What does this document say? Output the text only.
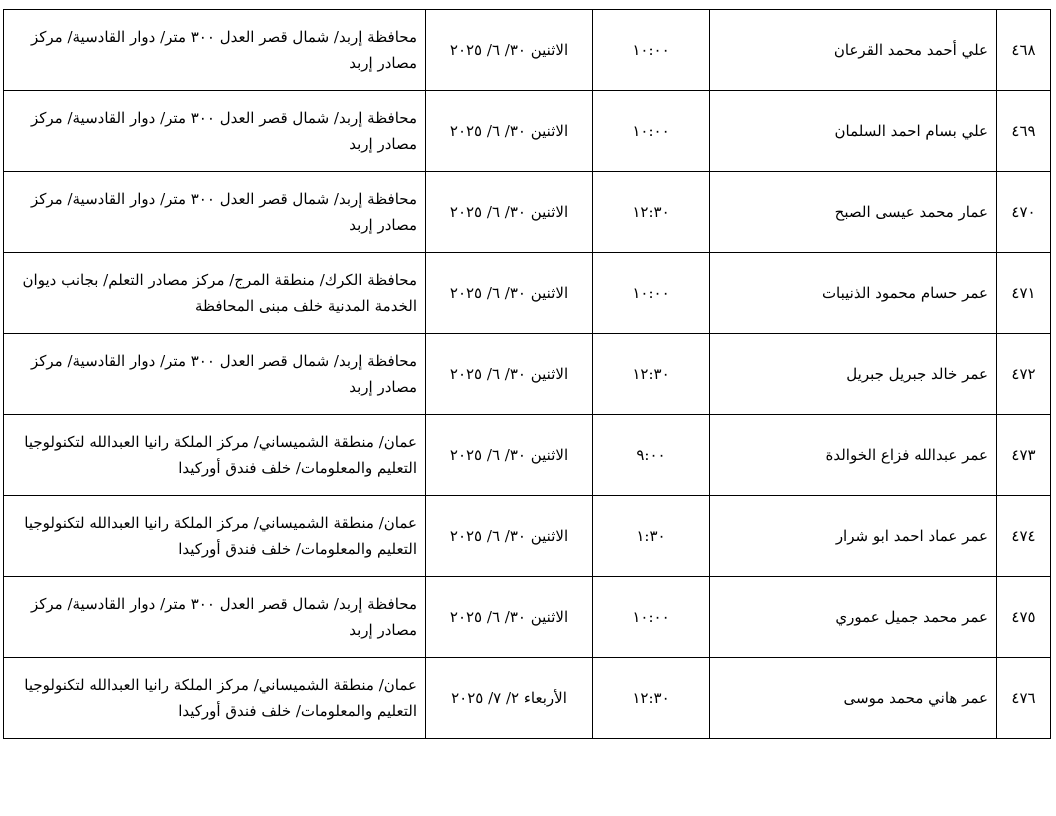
٤٦٨	علي أحمد محمد القرعان	١٠:٠٠	الاثنين ٣٠/ ٦/ ٢٠٢٥	محافظة إربد/ شمال قصر العدل ٣٠٠ متر/ دوار القادسية/ مركز مصادر إربد
٤٦٩	علي بسام احمد السلمان	١٠:٠٠	الاثنين ٣٠/ ٦/ ٢٠٢٥	محافظة إربد/ شمال قصر العدل ٣٠٠ متر/ دوار القادسية/ مركز مصادر إربد
٤٧٠	عمار محمد عيسى الصبح	١٢:٣٠	الاثنين ٣٠/ ٦/ ٢٠٢٥	محافظة إربد/ شمال قصر العدل ٣٠٠ متر/ دوار القادسية/ مركز مصادر إربد
٤٧١	عمر حسام محمود الذنيبات	١٠:٠٠	الاثنين ٣٠/ ٦/ ٢٠٢٥	محافظة الكرك/ منطقة المرج/ مركز مصادر التعلم/ بجانب ديوان الخدمة المدنية خلف مبنى المحافظة
٤٧٢	عمر خالد جبريل جبريل	١٢:٣٠	الاثنين ٣٠/ ٦/ ٢٠٢٥	محافظة إربد/ شمال قصر العدل ٣٠٠ متر/ دوار القادسية/ مركز مصادر إربد
٤٧٣	عمر عبدالله فزاع الخوالدة	٩:٠٠	الاثنين ٣٠/ ٦/ ٢٠٢٥	عمان/ منطقة الشميساني/ مركز الملكة رانيا العبدالله لتكنولوجيا التعليم والمعلومات/ خلف فندق أوركيدا
٤٧٤	عمر عماد احمد ابو شرار	١:٣٠	الاثنين ٣٠/ ٦/ ٢٠٢٥	عمان/ منطقة الشميساني/ مركز الملكة رانيا العبدالله لتكنولوجيا التعليم والمعلومات/ خلف فندق أوركيدا
٤٧٥	عمر محمد جميل عموري	١٠:٠٠	الاثنين ٣٠/ ٦/ ٢٠٢٥	محافظة إربد/ شمال قصر العدل ٣٠٠ متر/ دوار القادسية/ مركز مصادر إربد
٤٧٦	عمر هاني محمد موسى	١٢:٣٠	الأربعاء ٢/ ٧/ ٢٠٢٥	عمان/ منطقة الشميساني/ مركز الملكة رانيا العبدالله لتكنولوجيا التعليم والمعلومات/ خلف فندق أوركيدا
